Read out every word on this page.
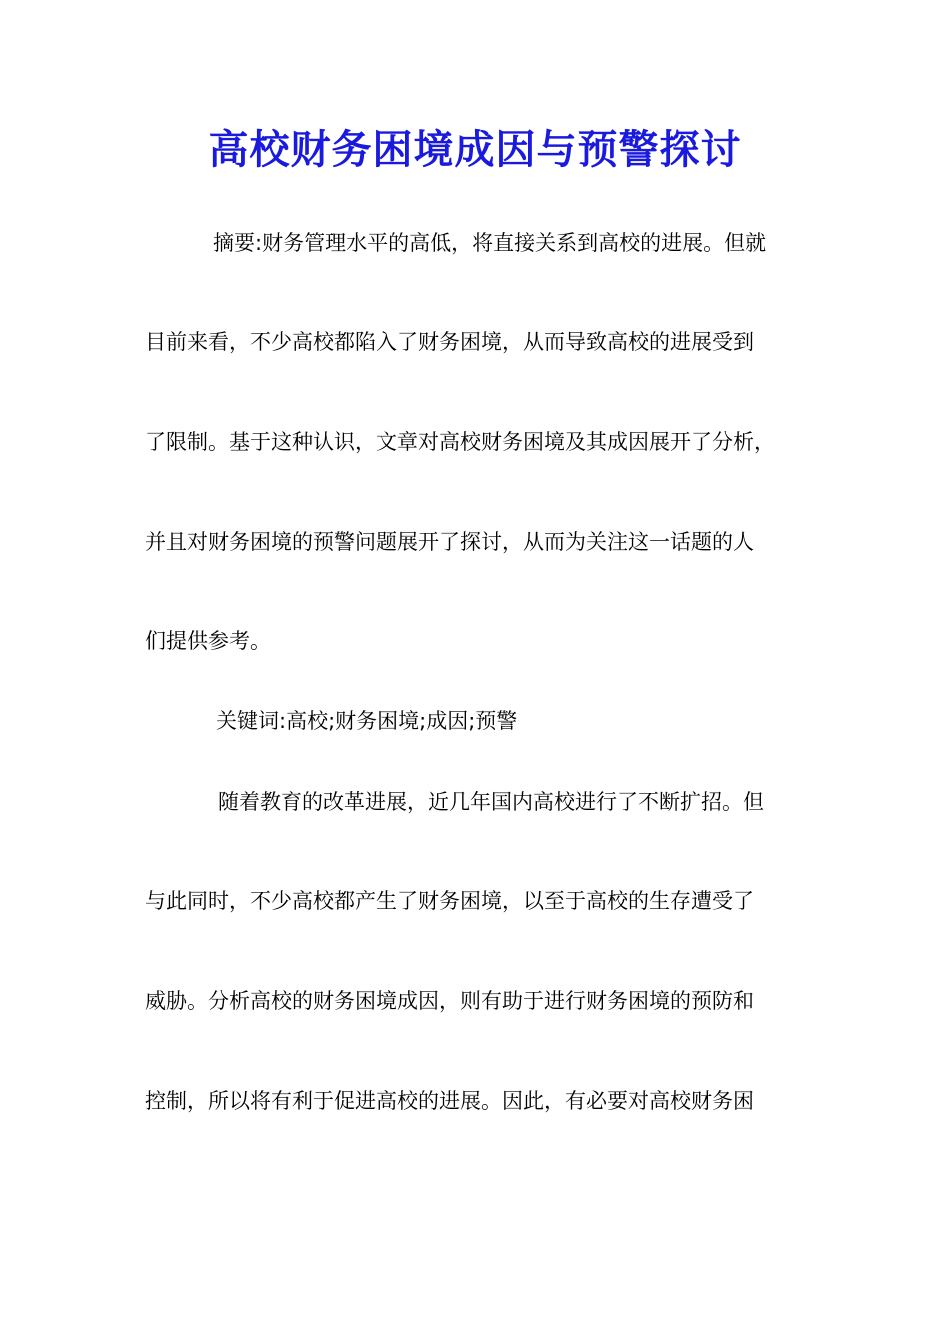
高校财务困境成因与预警探讨
摘要:财务管理水平的高低，将直接关系到高校的进展。但就
目前来看，不少高校都陷入了财务困境，从而导致高校的进展受到
了限制。基于这种认识，文章对高校财务困境及其成因展开了分析，
并且对财务困境的预警问题展开了探讨，从而为关注这一话题的人
们提供参考。
关键词:高校;财务困境;成因;预警
随着教育的改革进展，近几年国内高校进行了不断扩招。但
与此同时，不少高校都产生了财务困境，以至于高校的生存遭受了
威胁。分析高校的财务困境成因，则有助于进行财务困境的预防和
控制，所以将有利于促进高校的进展。因此，有必要对高校财务困
